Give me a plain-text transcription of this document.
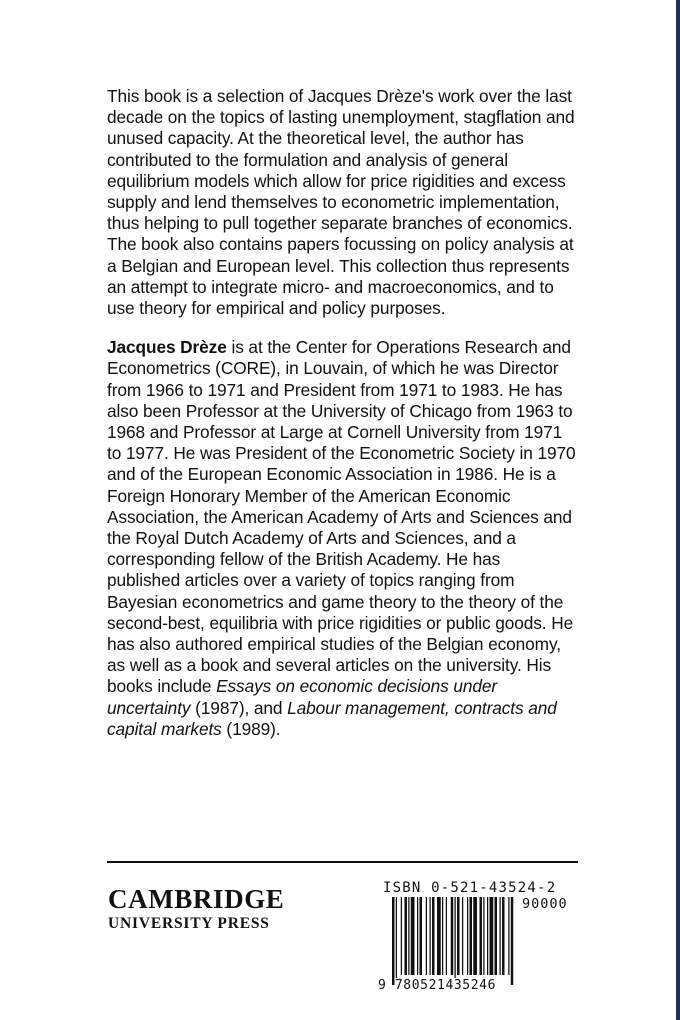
This book is a selection of Jacques Drèze's work over the last decade on the topics of lasting unemployment, stagflation and unused capacity. At the theoretical level, the author has contributed to the formulation and analysis of general equilibrium models which allow for price rigidities and excess supply and lend themselves to econometric implementation, thus helping to pull together separate branches of economics. The book also contains papers focussing on policy analysis at a Belgian and European level. This collection thus represents an attempt to integrate micro- and macroeconomics, and to use theory for empirical and policy purposes.

Jacques Drèze is at the Center for Operations Research and Econometrics (CORE), in Louvain, of which he was Director from 1966 to 1971 and President from 1971 to 1983. He has also been Professor at the University of Chicago from 1963 to 1968 and Professor at Large at Cornell University from 1971 to 1977. He was President of the Econometric Society in 1970 and of the European Economic Association in 1986. He is a Foreign Honorary Member of the American Economic Association, the American Academy of Arts and Sciences and the Royal Dutch Academy of Arts and Sciences, and a corresponding fellow of the British Academy. He has published articles over a variety of topics ranging from Bayesian econometrics and game theory to the theory of the second-best, equilibria with price rigidities or public goods. He has also authored empirical studies of the Belgian economy, as well as a book and several articles on the university. His books include Essays on economic decisions under uncertainty (1987), and Labour management, contracts and capital markets (1989).

CAMBRIDGE
UNIVERSITY PRESS
ISBN 0-521-43524-2
90000
9 780521435246
